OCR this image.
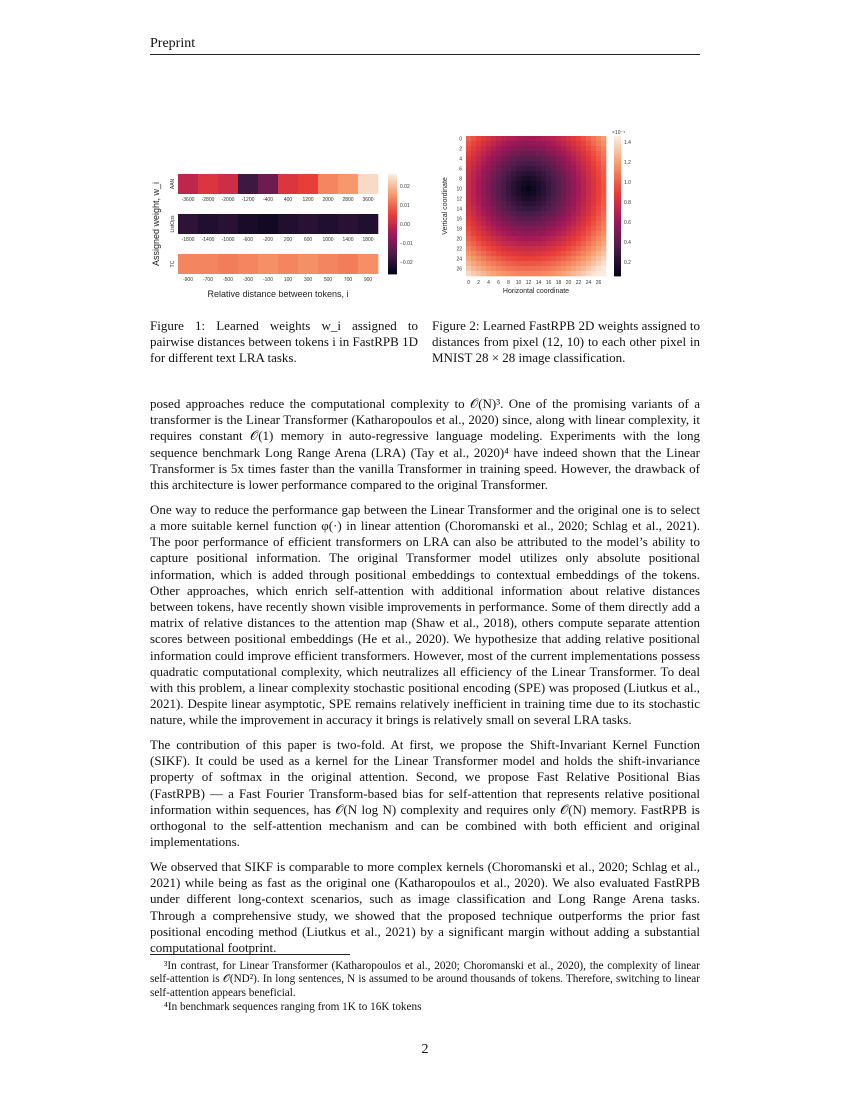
Preprint
-3600 -2800 -2000 -1200 -400 400 1200 2000 2800 3600
AAN
-1800 -1400 -1000 -600 -200 200 600 1000 1400 1800
ListOps
-900 -700 -500 -300 -100 100 300 500 700 900
TC
Assigned weight, w_i
Relative distance between tokens, i
0.02
0.01
0.00
−0.01
−0.02
0
2
4
6
8
10
12
14
16
18
20
22
24
26
0 2 4 6 8 10 12 14 16 18 20 22 24 26
Vertical coordinate
Horizontal coordinate
×10⁻⁴
1.4
1.2
1.0
0.8
0.6
0.4
0.2
Figure 1: Learned weights w_i assigned to pairwise distances between tokens i in FastRPB 1D for different text LRA tasks.
Figure 2: Learned FastRPB 2D weights assigned to distances from pixel (12, 10) to each other pixel in MNIST 28 × 28 image classification.

posed approaches reduce the computational complexity to 𝒪(N)³. One of the promising variants of a transformer is the Linear Transformer (Katharopoulos et al., 2020) since, along with linear complexity, it requires constant 𝒪(1) memory in auto-regressive language modeling. Experiments with the long sequence benchmark Long Range Arena (LRA) (Tay et al., 2020)⁴ have indeed shown that the Linear Transformer is 5x times faster than the vanilla Transformer in training speed. However, the drawback of this architecture is lower performance compared to the original Transformer.

One way to reduce the performance gap between the Linear Transformer and the original one is to select a more suitable kernel function φ(·) in linear attention (Choromanski et al., 2020; Schlag et al., 2021). The poor performance of efficient transformers on LRA can also be attributed to the model’s ability to capture positional information. The original Transformer model utilizes only absolute positional information, which is added through positional embeddings to contextual embeddings of the tokens. Other approaches, which enrich self-attention with additional information about relative distances between tokens, have recently shown visible improvements in performance. Some of them directly add a matrix of relative distances to the attention map (Shaw et al., 2018), others compute separate attention scores between positional embeddings (He et al., 2020). We hypothesize that adding relative positional information could improve efficient transformers. However, most of the current implementations possess quadratic computational complexity, which neutralizes all efficiency of the Linear Transformer. To deal with this problem, a linear complexity stochastic positional encoding (SPE) was proposed (Liutkus et al., 2021). Despite linear asymptotic, SPE remains relatively inefficient in training time due to its stochastic nature, while the improvement in accuracy it brings is relatively small on several LRA tasks.

The contribution of this paper is two-fold. At first, we propose the Shift-Invariant Kernel Function (SIKF). It could be used as a kernel for the Linear Transformer model and holds the shift-invariance property of softmax in the original attention. Second, we propose Fast Relative Positional Bias (FastRPB) — a Fast Fourier Transform-based bias for self-attention that represents relative positional information within sequences, has 𝒪(N log N) complexity and requires only 𝒪(N) memory. FastRPB is orthogonal to the self-attention mechanism and can be combined with both efficient and original implementations.

We observed that SIKF is comparable to more complex kernels (Choromanski et al., 2020; Schlag et al., 2021) while being as fast as the original one (Katharopoulos et al., 2020). We also evaluated FastRPB under different long-context scenarios, such as image classification and Long Range Arena tasks. Through a comprehensive study, we showed that the proposed technique outperforms the prior fast positional encoding method (Liutkus et al., 2021) by a significant margin without adding a substantial computational footprint.

³In contrast, for Linear Transformer (Katharopoulos et al., 2020; Choromanski et al., 2020), the complexity of linear self-attention is 𝒪(ND²). In long sentences, N is assumed to be around thousands of tokens. Therefore, switching to linear self-attention appears beneficial.

⁴In benchmark sequences ranging from 1K to 16K tokens

2
